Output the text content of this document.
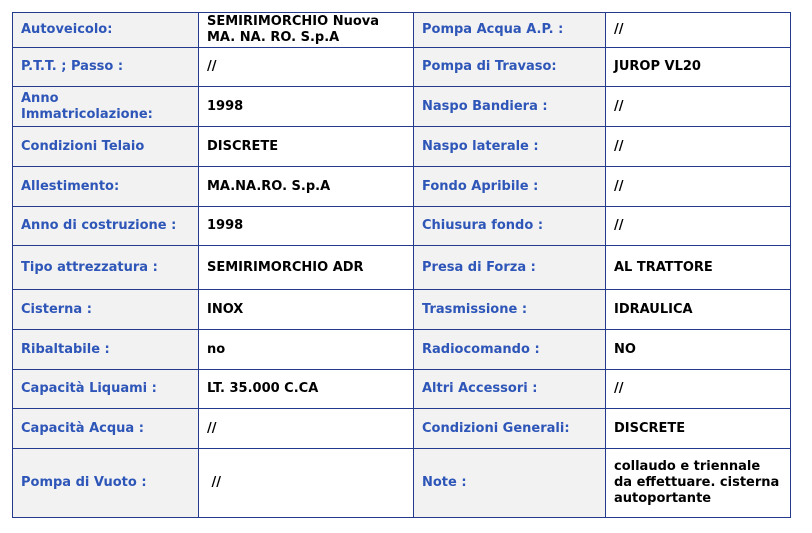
Autoveicolo:	SEMIRIMORCHIO Nuova MA. NA. RO. S.p.A	Pompa Acqua A.P. :	//
P.T.T. ; Passo :	//	Pompa di Travaso:	JUROP VL20
Anno Immatricolazione:	1998	Naspo Bandiera :	//
Condizioni Telaio	DISCRETE	Naspo laterale :	//
Allestimento:	MA.NA.RO. S.p.A	Fondo Apribile :	//
Anno di costruzione :	1998	Chiusura fondo :	//
Tipo attrezzatura :	SEMIRIMORCHIO ADR	Presa di Forza :	AL TRATTORE
Cisterna :	INOX	Trasmissione :	IDRAULICA
Ribaltabile :	no	Radiocomando :	NO
Capacità Liquami :	LT. 35.000 C.CA	Altri Accessori :	//
Capacità Acqua :	//	Condizioni Generali:	DISCRETE
Pompa di Vuoto :	//	Note :	collaudo e triennale da effettuare. cisterna autoportante
